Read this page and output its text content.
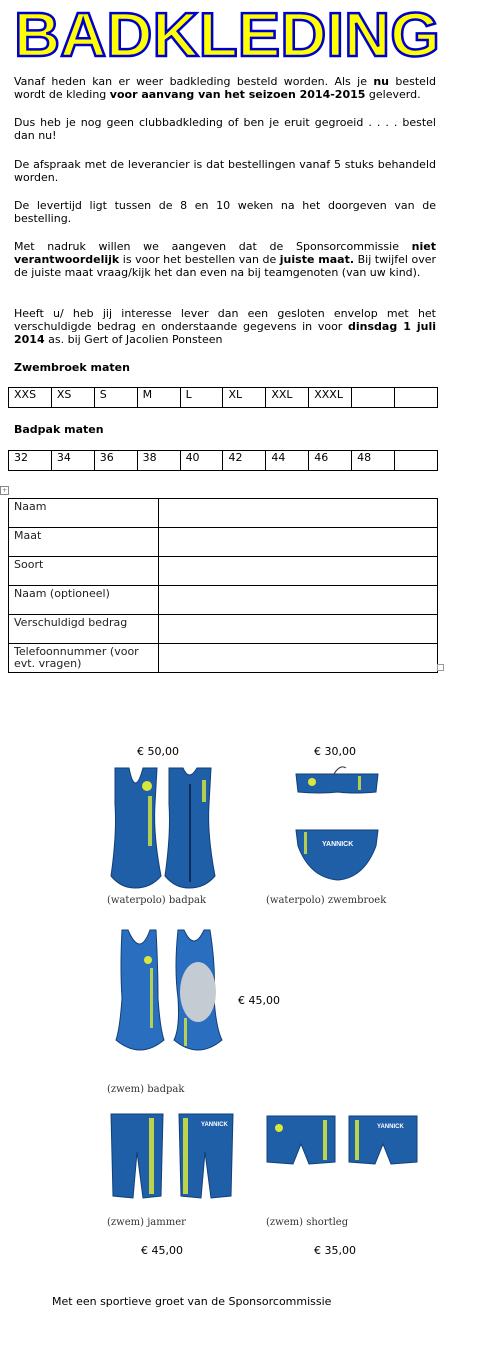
BADKLEDING
Vanaf heden kan er weer badkleding besteld worden. Als je nu besteld wordt de kleding voor aanvang van het seizoen 2014-2015 geleverd.
Dus heb je nog geen clubbadkleding of ben je eruit gegroeid . . . . bestel dan nu!
De afspraak met de leverancier is dat bestellingen vanaf 5 stuks behandeld worden.
De levertijd ligt tussen de 8 en 10 weken na het doorgeven van de bestelling.
Met nadruk willen we aangeven dat de Sponsorcommissie niet verantwoordelijk is voor het bestellen van de juiste maat. Bij twijfel over de juiste maat vraag/kijk het dan even na bij teamgenoten (van uw kind).
Heeft u/ heb jij interesse lever dan een gesloten envelop met het verschuldigde bedrag en onderstaande gegevens in voor dinsdag 1 juli 2014 as. bij Gert of Jacolien Ponsteen
Zwembroek maten
XXS	XS	S	M	L	XL	XXL	XXXL		
Badpak maten
32	34	36	38	40	42	44	46	48	
+
Naam	
Maat	
Soort	
Naam (optioneel)	
Verschuldigd bedrag	
Telefoonnummer (voor evt. vragen)	
€ 50,00
(waterpolo) badpak
€ 30,00
YANNICK
(waterpolo) zwembroek
€ 45,00
(zwem) badpak
YANNICK
(zwem) jammer
€ 45,00
YANNICK
(zwem) shortleg
€ 35,00
Met een sportieve groet van de Sponsorcommissie
